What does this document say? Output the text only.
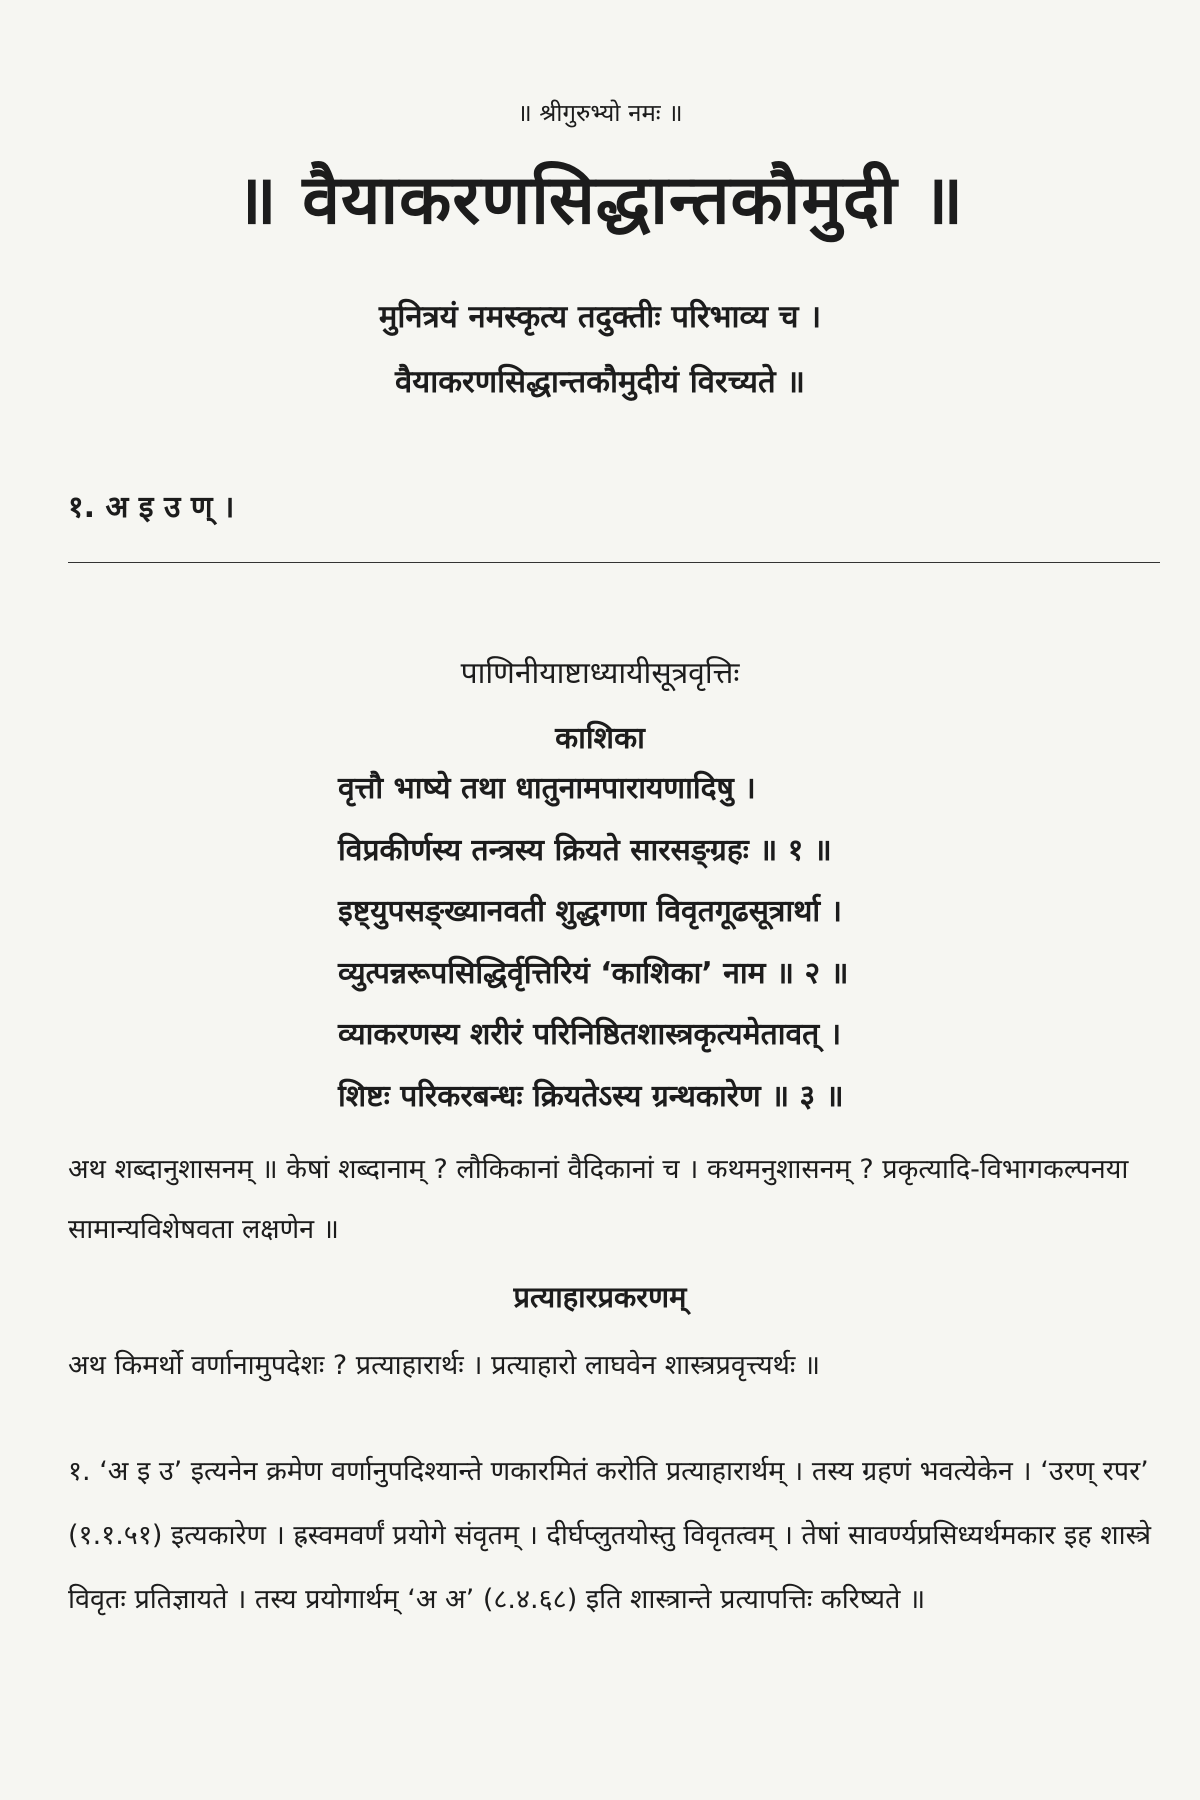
॥ श्रीगुरुभ्यो नमः ॥
॥ वैयाकरणसिद्धान्तकौमुदी ॥
मुनित्रयं नमस्कृत्य तदुक्तीः परिभाव्य च ।
वैयाकरणसिद्धान्तकौमुदीयं विरच्यते ॥
१. अ इ उ ण् ।
पाणिनीयाष्टाध्यायीसूत्रवृत्तिः
काशिका
वृत्तौ भाष्ये तथा धातुनामपारायणादिषु ।
विप्रकीर्णस्य तन्त्रस्य क्रियते सारसङ्ग्रहः ॥ १ ॥
इष्ट्युपसङ्ख्यानवती शुद्धगणा विवृतगूढसूत्रार्था ।
व्युत्पन्नरूपसिद्धिर्वृत्तिरियं ‘काशिका’ नाम ॥ २ ॥
व्याकरणस्य शरीरं परिनिष्ठितशास्त्रकृत्यमेतावत् ।
शिष्टः परिकरबन्धः क्रियतेऽस्य ग्रन्थकारेण ॥ ३ ॥
अथ शब्दानुशासनम् ॥ केषां शब्दानाम् ? लौकिकानां वैदिकानां च । कथमनुशासनम् ? प्रकृत्यादि-विभागकल्पनया सामान्यविशेषवता लक्षणेन ॥
प्रत्याहारप्रकरणम्
अथ किमर्थो वर्णानामुपदेशः ? प्रत्याहारार्थः । प्रत्याहारो लाघवेन शास्त्रप्रवृत्त्यर्थः ॥
१. ‘अ इ उ’ इत्यनेन क्रमेण वर्णानुपदिश्यान्ते णकारमितं करोति प्रत्याहारार्थम् । तस्य ग्रहणं भवत्येकेन । ‘उरण् रपर’ (१.१.५१) इत्यकारेण । ह्रस्वमवर्णं प्रयोगे संवृतम् । दीर्घप्लुतयोस्तु विवृतत्वम् । तेषां सावर्ण्यप्रसिध्यर्थमकार इह शास्त्रे विवृतः प्रतिज्ञायते । तस्य प्रयोगार्थम् ‘अ अ’ (८.४.६८) इति शास्त्रान्ते प्रत्यापत्तिः करिष्यते ॥
